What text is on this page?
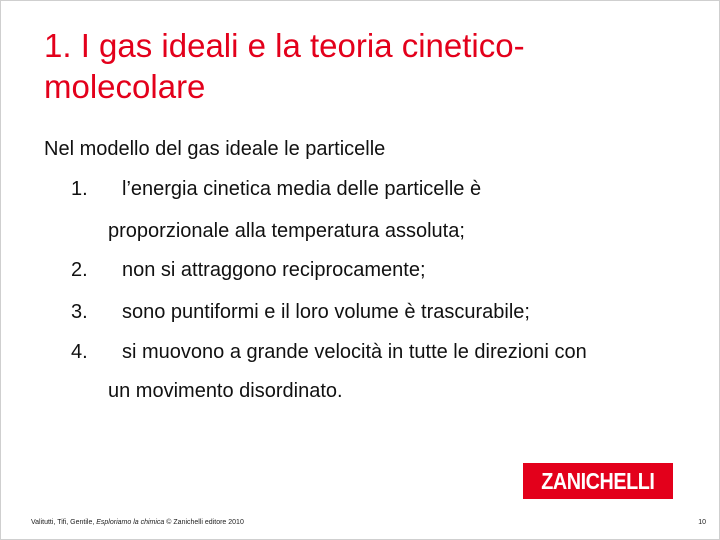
1. I gas ideali e la teoria cinetico-
molecolare

Nel modello del gas ideale le particelle

1. l’energia cinetica media delle particelle è
proporzionale alla temperatura assoluta;
2. non si attraggono reciprocamente;
3. sono puntiformi e il loro volume è trascurabile;
4. si muovono a grande velocità in tutte le direzioni con
un movimento disordinato.
ZANICHELLI
Valitutti, Tifi, Gentile, Esploriamo la chimica © Zanichelli editore 2010	10
